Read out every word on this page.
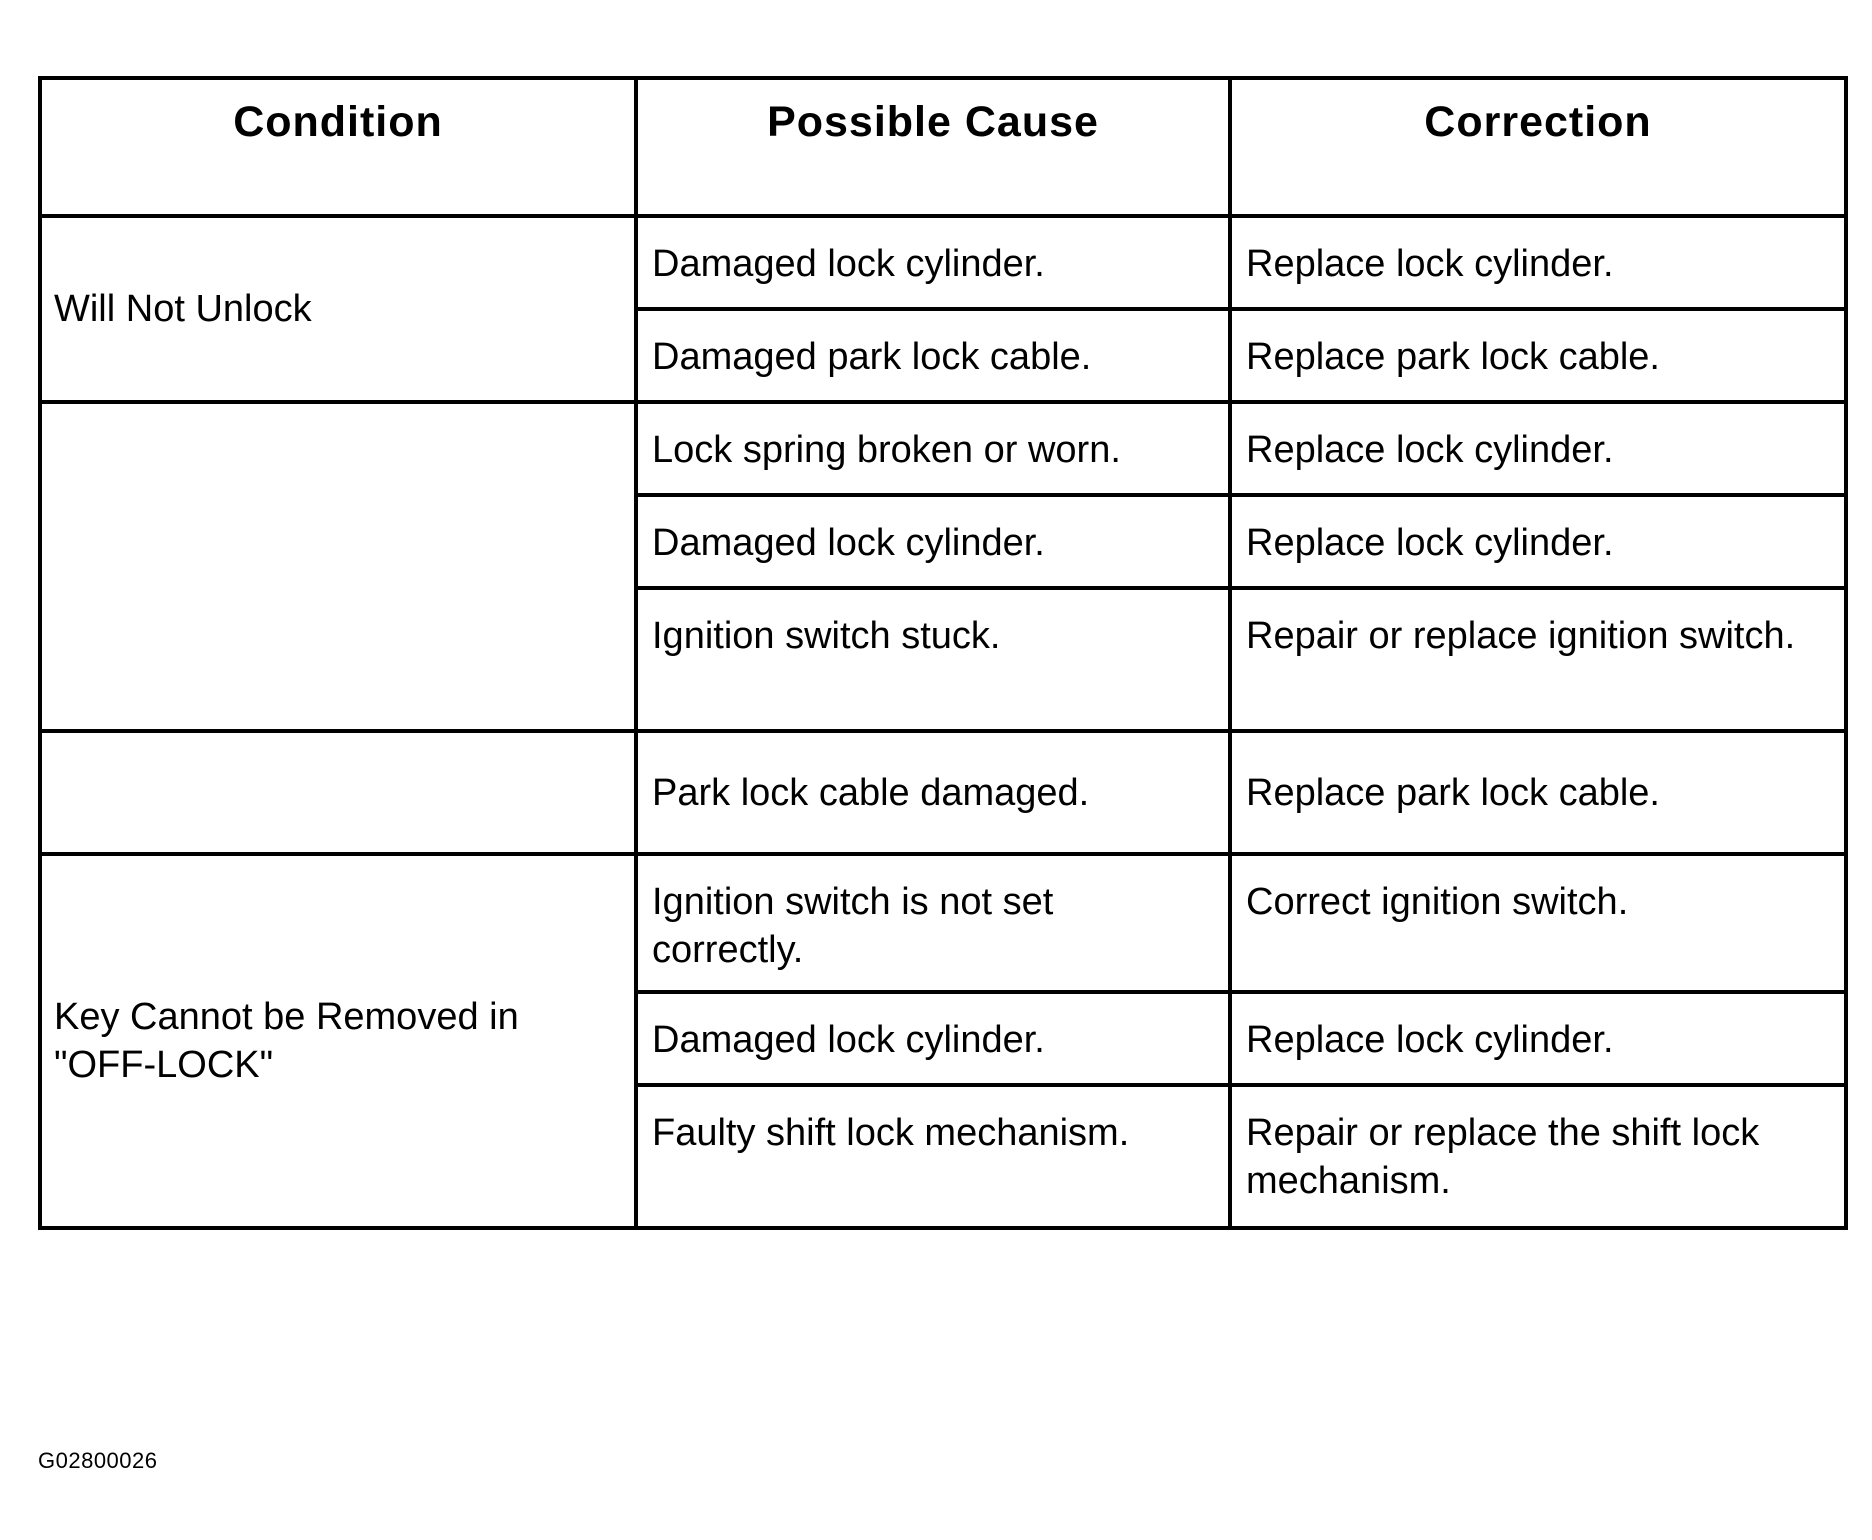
Condition	Possible Cause	Correction
Will Not Unlock	Damaged lock cylinder.	Replace lock cylinder.
	Damaged park lock cable.	Replace park lock cable.
	Lock spring broken or worn.	Replace lock cylinder.
	Damaged lock cylinder.	Replace lock cylinder.
	Ignition switch stuck.	Repair or replace ignition switch.
	Park lock cable damaged.	Replace park lock cable.
Key Cannot be Removed in "OFF-LOCK"	Ignition switch is not set correctly.	Correct ignition switch.
	Damaged lock cylinder.	Replace lock cylinder.
	Faulty shift lock mechanism.	Repair or replace the shift lock mechanism.
G02800026
